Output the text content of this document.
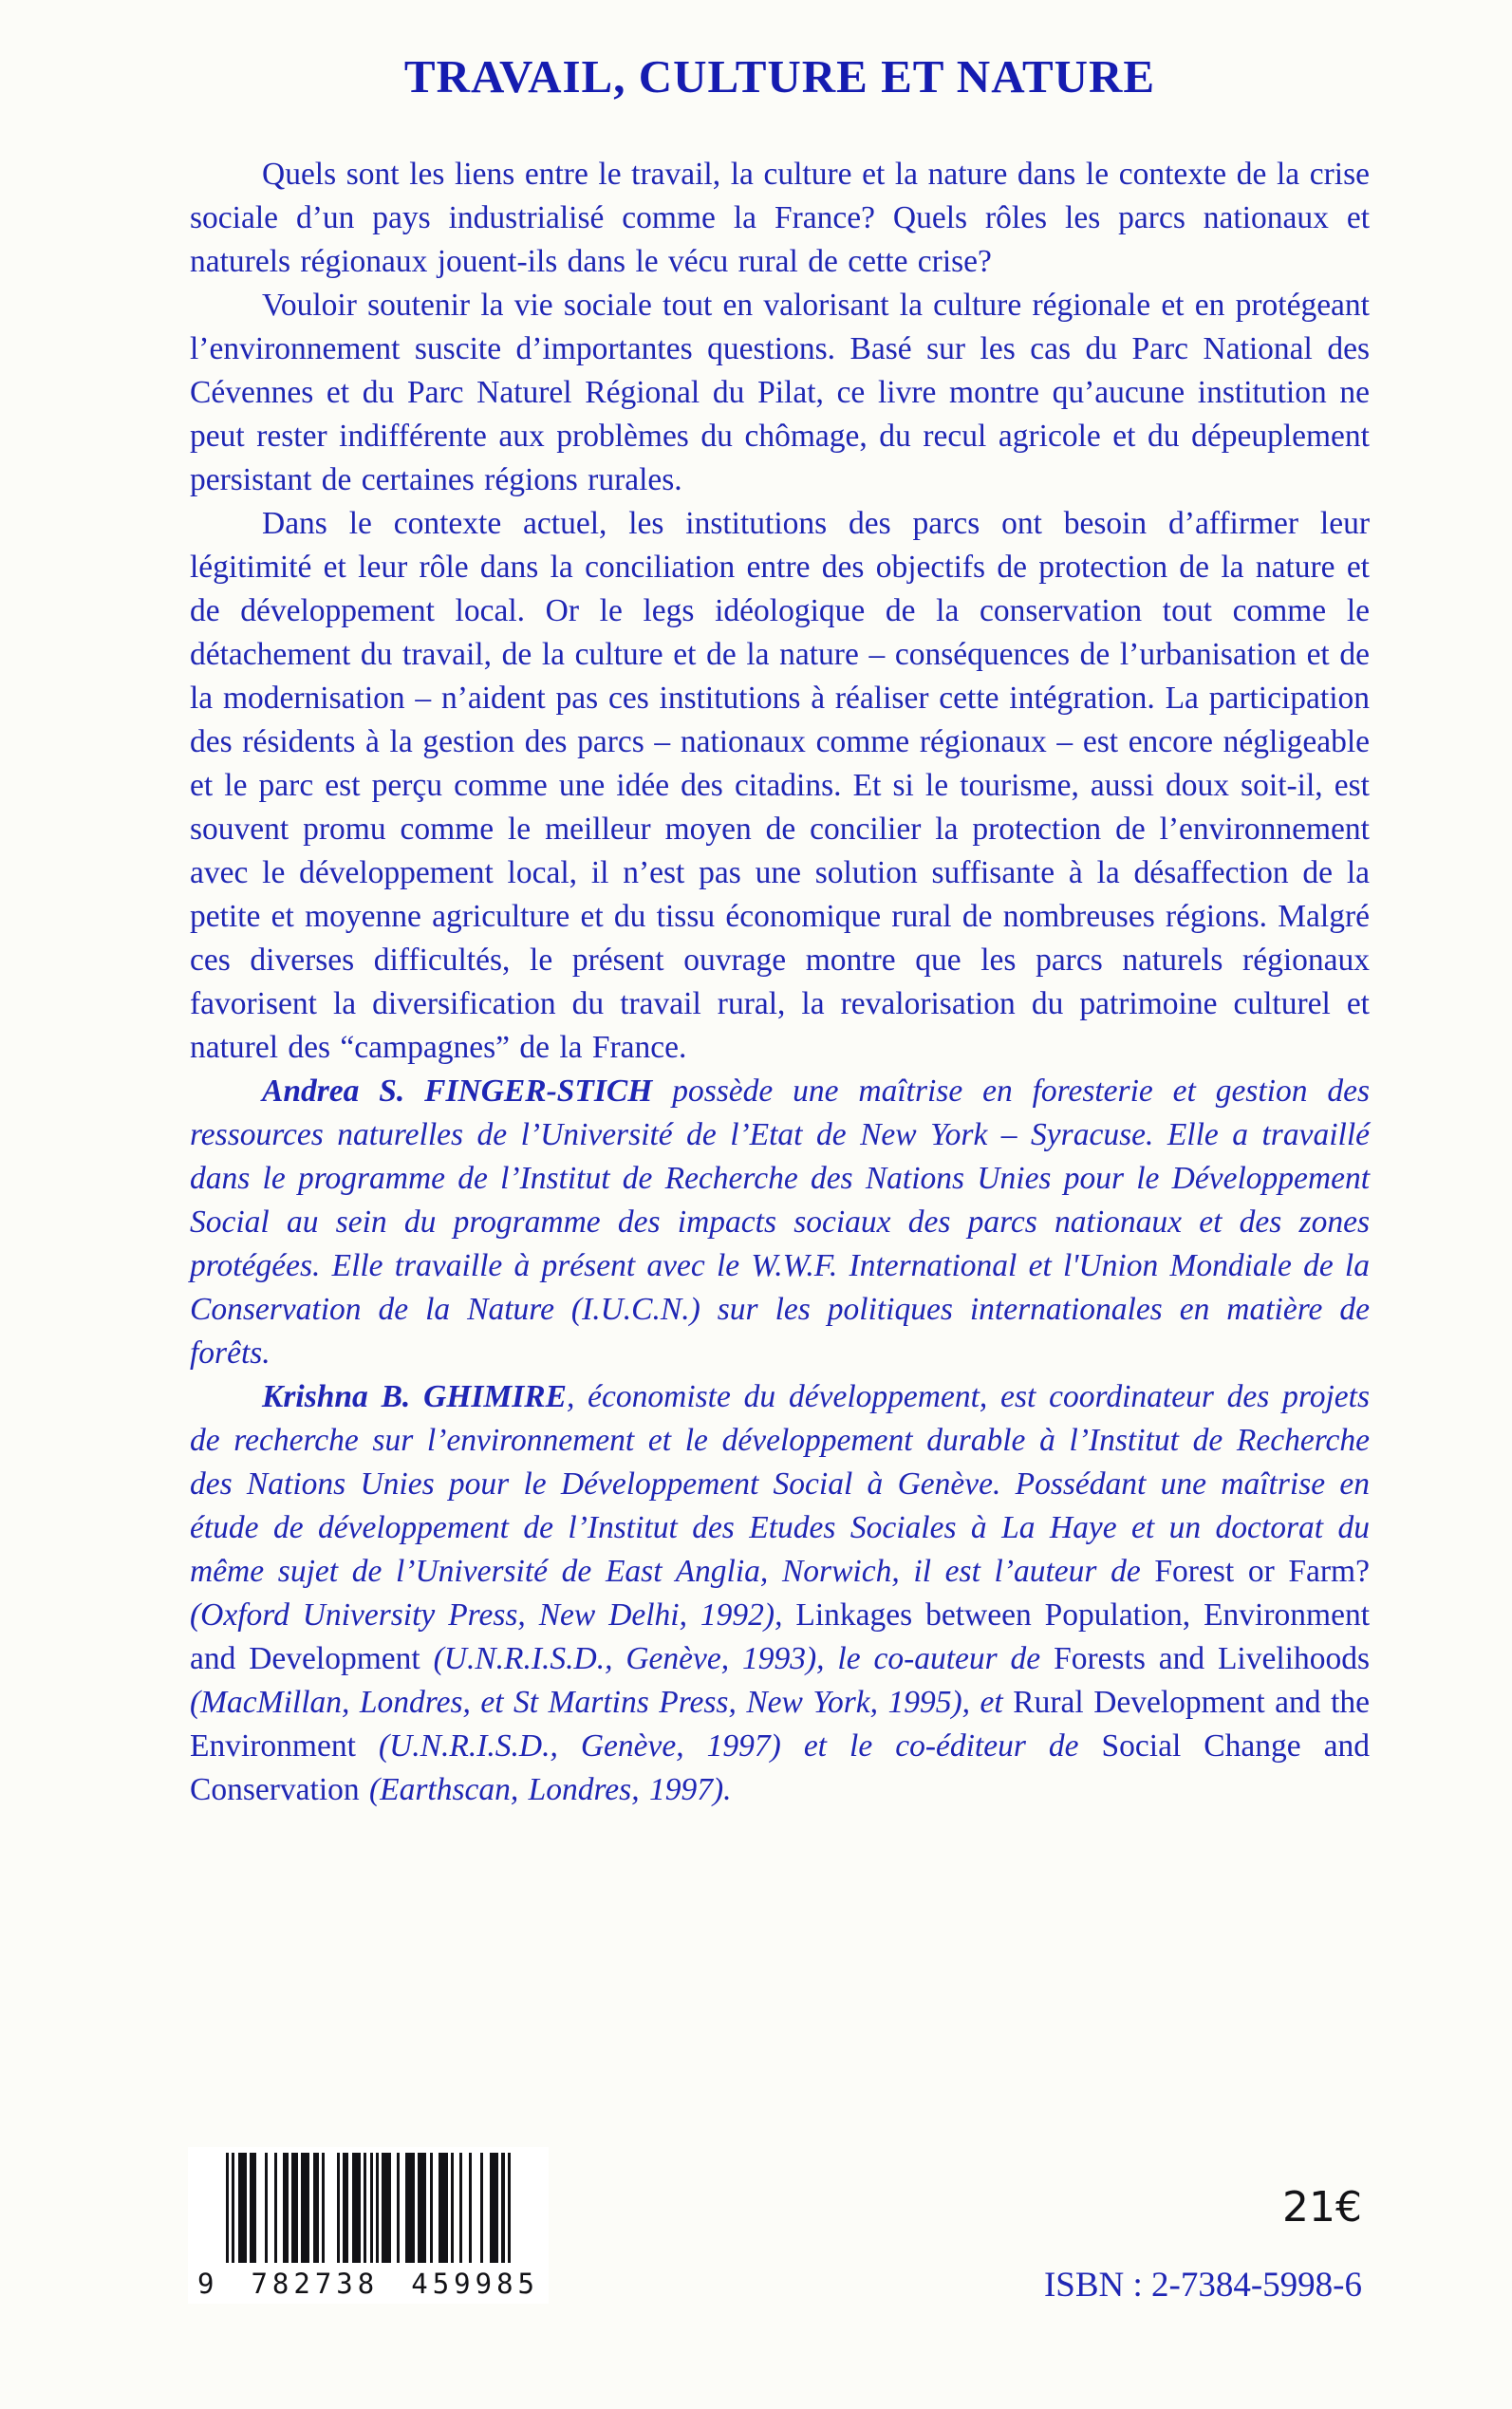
TRAVAIL, CULTURE ET NATURE

Quels sont les liens entre le travail, la culture et la nature dans le contexte de la crise sociale d’un pays industrialisé comme la France? Quels rôles les parcs nationaux et naturels régionaux jouent-ils dans le vécu rural de cette crise?

Vouloir soutenir la vie sociale tout en valorisant la culture régionale et en protégeant l’environnement suscite d’importantes questions. Basé sur les cas du Parc National des Cévennes et du Parc Naturel Régional du Pilat, ce livre montre qu’aucune institution ne peut rester indifférente aux problèmes du chômage, du recul agricole et du dépeuplement persistant de certaines régions rurales.

Dans le contexte actuel, les institutions des parcs ont besoin d’affirmer leur légitimité et leur rôle dans la conciliation entre des objectifs de protection de la nature et de développement local. Or le legs idéologique de la conservation tout comme le détachement du travail, de la culture et de la nature – conséquences de l’urbanisation et de la modernisation – n’aident pas ces institutions à réaliser cette intégration. La participation des résidents à la gestion des parcs – nationaux comme régionaux – est encore négligeable et le parc est perçu comme une idée des citadins. Et si le tourisme, aussi doux soit-il, est souvent promu comme le meilleur moyen de concilier la protection de l’environnement avec le développement local, il n’est pas une solution suffisante à la désaffection de la petite et moyenne agriculture et du tissu économique rural de nombreuses régions. Malgré ces diverses difficultés, le présent ouvrage montre que les parcs naturels régionaux favorisent la diversification du travail rural, la revalorisation du patrimoine culturel et naturel des “campagnes” de la France.

Andrea S. FINGER-STICH possède une maîtrise en foresterie et gestion des ressources naturelles de l’Université de l’Etat de New York – Syracuse. Elle a travaillé dans le programme de l’Institut de Recherche des Nations Unies pour le Développement Social au sein du programme des impacts sociaux des parcs nationaux et des zones protégées. Elle travaille à présent avec le W.W.F. International et l'Union Mondiale de la Conservation de la Nature (I.U.C.N.) sur les politiques internationales en matière de forêts.

Krishna B. GHIMIRE, économiste du développement, est coordinateur des projets de recherche sur l’environnement et le développement durable à l’Institut de Recherche des Nations Unies pour le Développement Social à Genève. Possédant une maîtrise en étude de développement de l’Institut des Etudes Sociales à La Haye et un doctorat du même sujet de l’Université de East Anglia, Norwich, il est l’auteur de Forest or Farm? (Oxford University Press, New Delhi, 1992), Linkages between Population, Environment and Development (U.N.R.I.S.D., Genève, 1993), le co-auteur de Forests and Livelihoods (MacMillan, Londres, et St Martins Press, New York, 1995), et Rural Development and the Environment (U.N.R.I.S.D., Genève, 1997) et le co-éditeur de Social Change and Conservation (Earthscan, Londres, 1997).

9 782738 459985
21€
ISBN : 2-7384-5998-6
